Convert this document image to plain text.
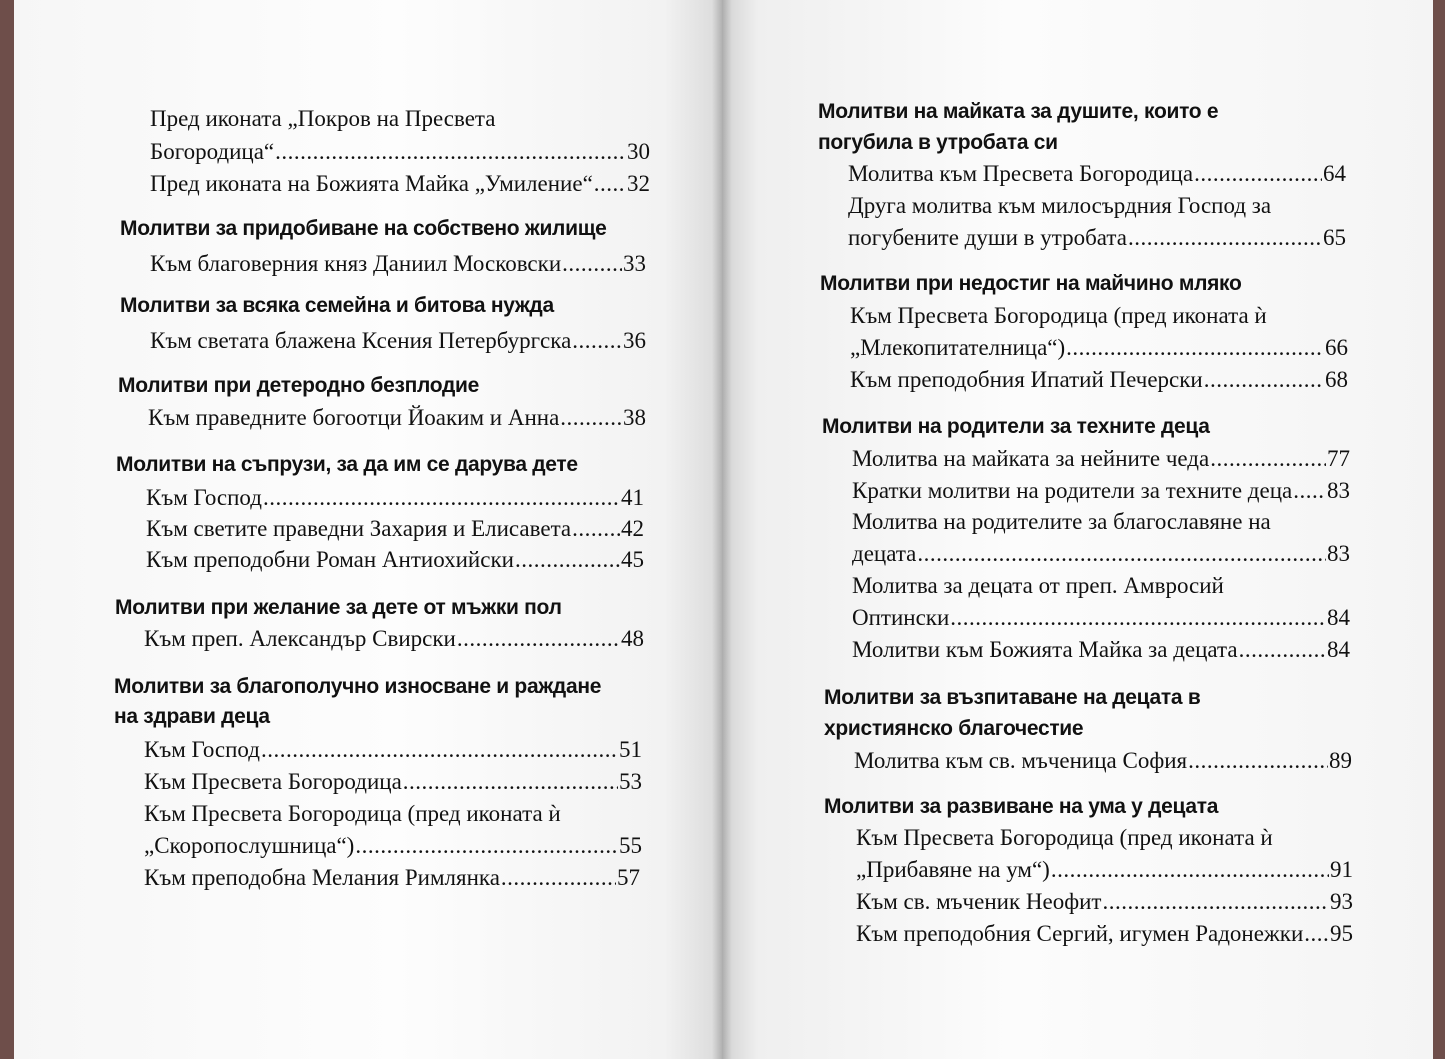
Пред иконата „Покров на Пресвета
Богородица“ .....	30
Пред иконата на Божията Майка „Умиление“ ..... 32
Молитви за придобиване на собствено жилище
Към благоверния княз Даниил Московски .....	33
Молитви за всяка семейна и битова нужда
Към светата блажена Ксения Петербургска ..... 36
Молитви при детеродно безплодие
Към праведните богоотци Йоаким и Анна .....	38
Молитви на съпрузи, за да им се дарува дете
Към Господ .....	41
Към светите праведни Захария и Елисавета ..... 42
Към преподобни Роман Антиохийски .....	45
Молитви при желание за дете от мъжки пол
Към преп. Александър Свирски .....	48
Молитви за благополучно износване и раждане
на здрави деца
Към Господ .....	51
Към Пресвета Богородица .....	53
Към Пресвета Богородица (пред иконата ѝ
„Скоропослушница“) .....	55
Към преподобна Мелания Римлянка .....	57
Молитви на майката за душите, които е
погубила в утробата си
Молитва към Пресвета Богородица .....	64
Друга молитва към милосърдния Господ за
погубените души в утробата .....	65
Молитви при недостиг на майчино мляко
Към Пресвета Богородица (пред иконата ѝ
„Млекопитателница“) .....	66
Към преподобния Ипатий Печерски .....	68
Молитви на родители за техните деца
Молитва на майката за нейните чеда .....	77
Кратки молитви на родители за техните деца ..... 83
Молитва на родителите за благославяне на
децата .....	83
Молитва за децата от преп. Амвросий
Оптински .....	84
Молитви към Божията Майка за децата .....	84
Молитви за възпитаване на децата в
християнско благочестие
Молитва към св. мъченица София .....	89
Молитви за развиване на ума у децата
Към Пресвета Богородица (пред иконата ѝ
„Прибавяне на ум“) .....	91
Към св. мъченик Неофит .....	93
Към преподобния Сергий, игумен Радонежки ..... 95
